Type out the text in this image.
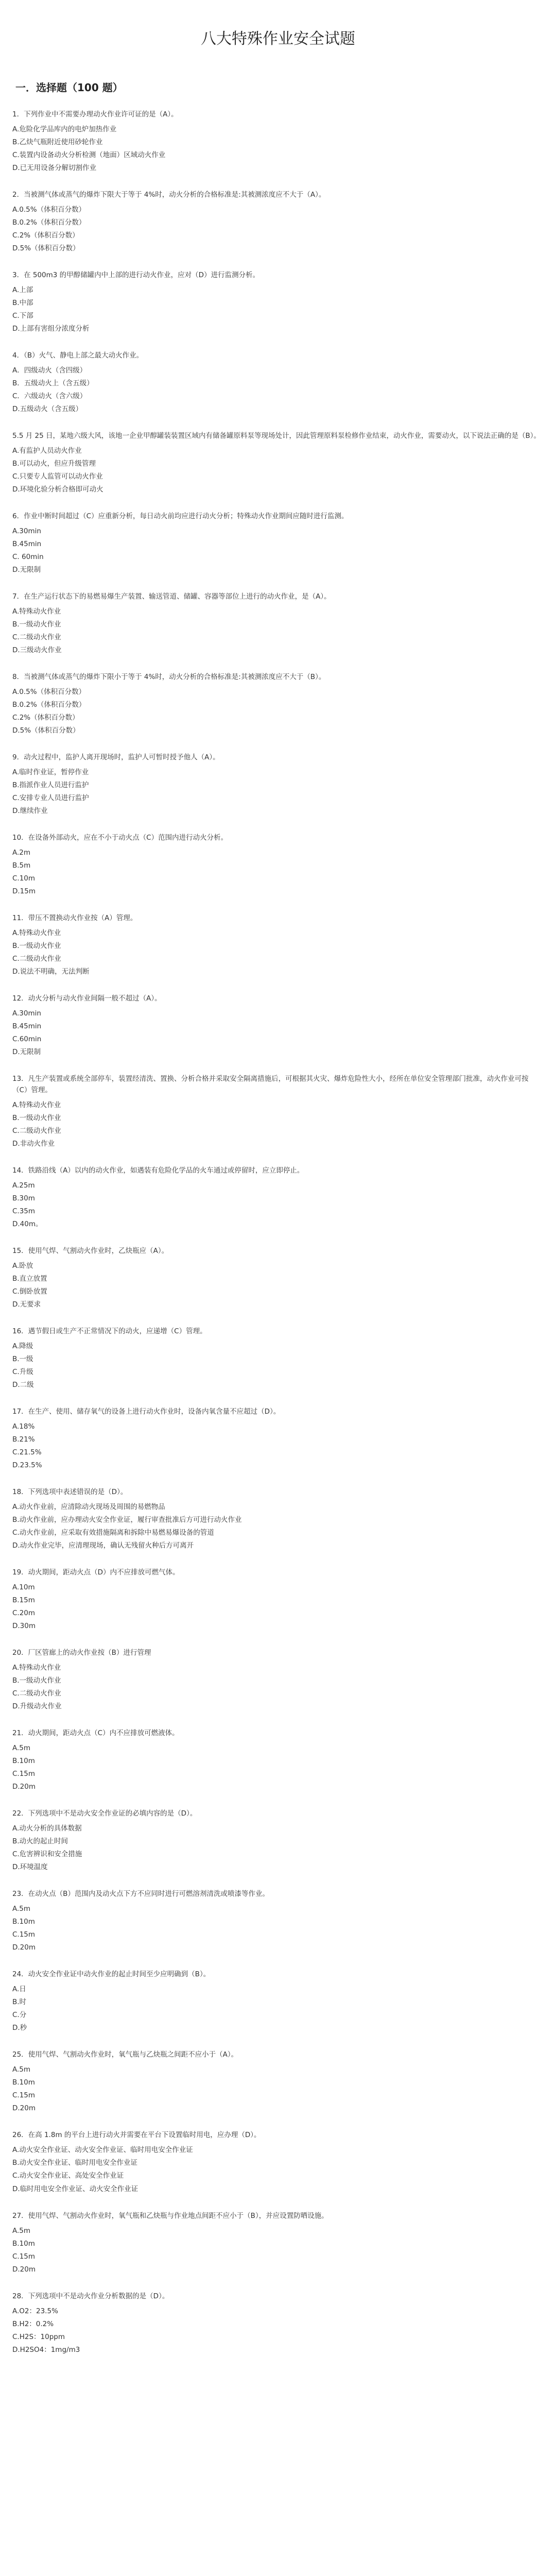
八大特殊作业安全试题
一．选择题（100 题）
1．下列作业中不需要办理动火作业许可证的是（A）。
A.危险化学品库内的电炉加热作业
B.乙炔气瓶附近使用砂轮作业
C.装置内设备动火分析检测（地面）区域动火作业
D.已无用设备分解切割作业
2．当被测气体或蒸气的爆炸下限大于等于 4%时，动火分析的合格标准是:其被测浓度应不大于（A）。
A.0.5%（体积百分数）
B.0.2%（体积百分数）
C.2%（体积百分数）
D.5%（体积百分数）
3．在 500m3 的甲醇储罐内中上部的进行动火作业，应对（D）进行监测分析。
A.上部
B.中部
C.下部
D.上部有害组分浓度分析
4．（B）火气、静电上部之最大动火作业。
A．四级动火（含四级）
B．五级动火上（含五级）
C．六级动火（含六级）
D.五级动火（含五级）
5.5 月 25 日，某地六级大风，该地一企业甲醇罐装装置区域内有储备罐原料泵等现场处计，因此管理原料泵检修作业结束，动火作业，需要动火，以下说法正确的是（B）。
A.有监护人员动火作业
B.可以动火，但应升级管理
C.只要专人监管可以动火作业
D.环境化验分析合格即可动火
6．作业中断时间超过（C）应重新分析，每日动火前均应进行动火分析；特殊动火作业期间应随时进行监测。
A.30min
B.45min
C. 60min
D.无限制
7．在生产运行状态下的易燃易爆生产装置、输送管道、储罐、容器等部位上进行的动火作业，是（A）。
A.特殊动火作业
B.一级动火作业
C.二级动火作业
D.三级动火作业
8．当被测气体或蒸气的爆炸下限小于等于 4%时，动火分析的合格标准是:其被测浓度应不大于（B）。
A.0.5%（体积百分数）
B.0.2%（体积百分数）
C.2%（体积百分数）
D.5%（体积百分数）
9．动火过程中，监护人离开现场时，监护人可暂时授予他人（A）。
A.临时作业证，暂停作业
B.指派作业人员进行监护
C.安排专业人员进行监护
D.继续作业
10．在设备外部动火，应在不小于动火点（C）范围内进行动火分析。
A.2m
B.5m
C.10m
D.15m
11．带压不置换动火作业按（A）管理。
A.特殊动火作业
B.一级动火作业
C.二级动火作业
D.说法不明确，无法判断
12．动火分析与动火作业间隔一般不超过（A）。
A.30min
B.45min
C.60min
D.无限制
13．凡生产装置或系统全部停车，装置经清洗、置换、分析合格并采取安全隔离措施后，可根据其火灾、爆炸危险性大小，经所在单位安全管理部门批准，动火作业可按（C）管理。
A.特殊动火作业
B.一级动火作业
C.二级动火作业
D.非动火作业
14．铁路沿线（A）以内的动火作业，如遇装有危险化学品的火车通过或停留时，应立即停止。
A.25m
B.30m
C.35m
D.40m。
15．使用气焊、气割动火作业时，乙炔瓶应（A）。
A.卧放
B.直立放置
C.倒卧放置
D.无要求
16．遇节假日或生产不正常情况下的动火，应递增（C）管理。
A.降级
B.一级
C.升级
D.二级
17．在生产、使用、储存氧气的设备上进行动火作业时，设备内氧含量不应超过（D）。
A.18%
B.21%
C.21.5%
D.23.5%
18．下列选项中表述错误的是（D）。
A.动火作业前，应清除动火现场及周围的易燃物品
B.动火作业前，应办理动火安全作业证，履行审查批准后方可进行动火作业
C.动火作业前，应采取有效措施隔离和拆除中易燃易爆设备的管道
D.动火作业完毕，应清理现场，确认无残留火种后方可离开
19．动火期间，距动火点（D）内不应排放可燃气体。
A.10m
B.15m
C.20m
D.30m
20．厂区管廊上的动火作业按（B）进行管理
A.特殊动火作业
B.一级动火作业
C.二级动火作业
D.升级动火作业
21．动火期间，距动火点（C）内不应排放可燃液体。
A.5m
B.10m
C.15m
D.20m
22．下列选项中不是动火安全作业证的必填内容的是（D）。
A.动火分析的具体数据
B.动火的起止时间
C.危害辨识和安全措施
D.环境温度
23．在动火点（B）范围内及动火点下方不应同时进行可燃溶剂清洗或喷漆等作业。
A.5m
B.10m
C.15m
D.20m
24．动火安全作业证中动火作业的起止时间至少应明确到（B）。
A.日
B.时
C.分
D.秒
25．使用气焊、气割动火作业时，氧气瓶与乙炔瓶之间距不应小于（A）。
A.5m
B.10m
C.15m
D.20m
26．在高 1.8m 的平台上进行动火并需要在平台下设置临时用电，应办理（D）。
A.动火安全作业证、动火安全作业证、临时用电安全作业证
B.动火安全作业证、临时用电安全作业证
C.动火安全作业证、高处安全作业证
D.临时用电安全作业证、动火安全作业证
27．使用气焊、气割动火作业时，氧气瓶和乙炔瓶与作业地点间距不应小于（B），并应设置防晒设施。
A.5m
B.10m
C.15m
D.20m
28．下列选项中不是动火作业分析数据的是（D）。
A.O2：23.5%
B.H2：0.2%
C.H2S：10ppm
D.H2SO4：1mg/m3
